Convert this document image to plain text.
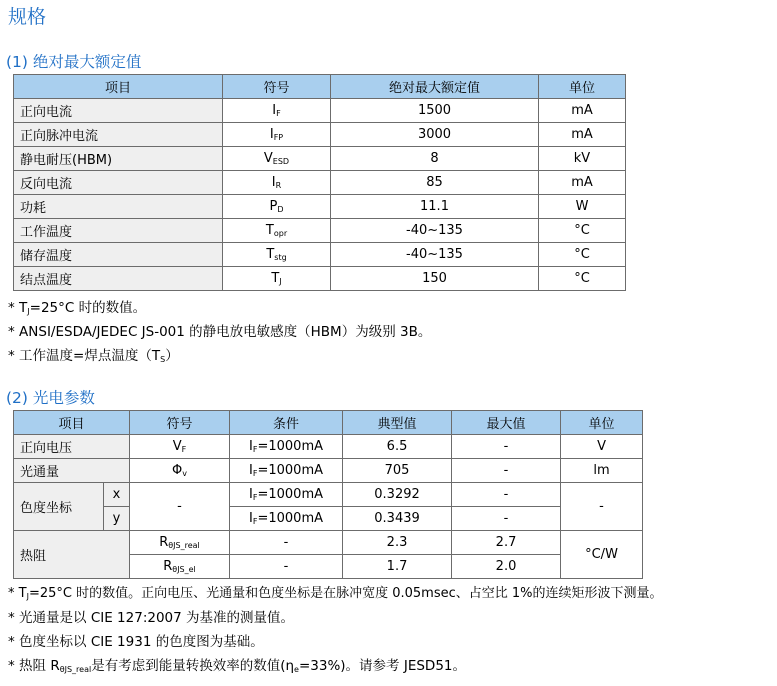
规格
(1) 绝对最大额定值
项目	符号	绝对最大额定值	单位
正向电流	$I_F$	1500	mA
正向脉冲电流	$I_{FP}$	3000	mA
静电耐压(HBM)	$V_{ESD}$	8	kV
反向电流	$I_R$	85	mA
功耗	$P_D$	11.1	W
工作温度	$T_{opr}$	-40~135	°C
储存温度	$T_{stg}$	-40~135	°C
结点温度	$T_J$	150	°C
* $T_J=25^\circ C$ 时的数值。
* ANSI/ESDA/JEDEC JS-001 的静电放电敏感度（HBM）为级别 3B。
* 工作温度=焊点温度$(T_S)$
(2) 光电参数
项目		符号	条件	典型值	最大值	单位
正向电压		$V_F$	$I_F=1000mA$	6.5	-	V
光通量		$\Phi_v$	$I_F=1000mA$	705	-	lm
色度坐标	x	-	$I_F=1000mA$	0.3292	-	-
	y		$I_F=1000mA$	0.3439	-	
热阻		$R_{\theta JS\_real}$	-	2.3	2.7	°C/W
		$R_{\theta JS\_el}$	-	1.7	2.0	
* $T_J=25^\circ C$ 时的数值。正向电压、光通量和色度坐标是在脉冲宽度 0.05msec、占空比 1%的连续矩形波下测量。
* 光通量是以 CIE 127:2007 为基准的测量值。
* 色度坐标以 CIE 1931 的色度图为基础。
* 热阻 $R_{\theta JS\_real}$是有考虑到能量转换效率的数值$(\eta_e=33\%)$。请参考 JESD51。
